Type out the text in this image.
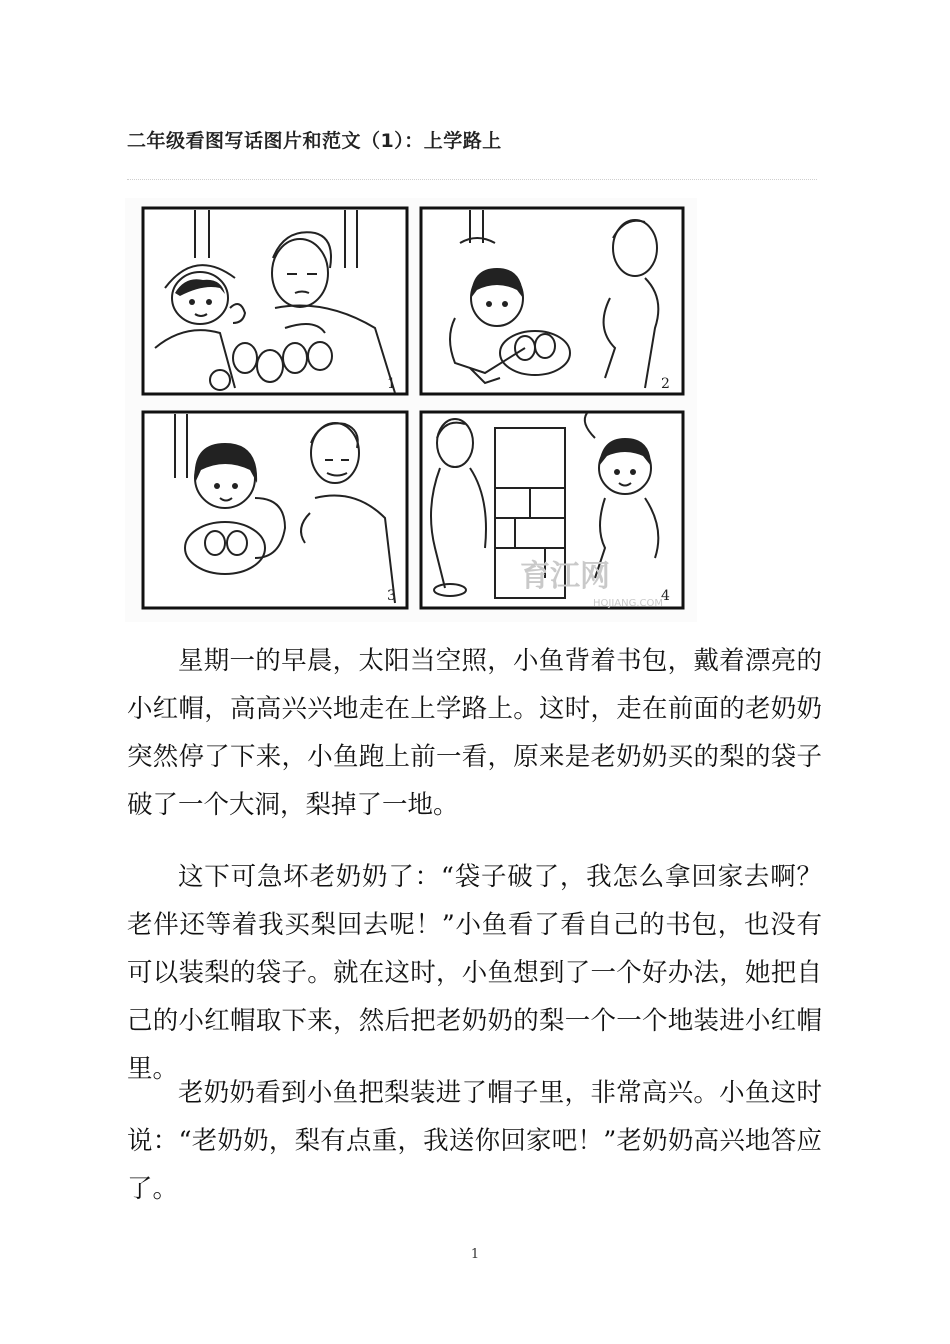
二年级看图写话图片和范文（1）：上学路上
1	2
3
育江网
HOJIANG.COM
4

星期一的早晨，太阳当空照，小鱼背着书包，戴着漂亮的小红帽，高高兴兴地走在上学路上。这时，走在前面的老奶奶突然停了下来，小鱼跑上前一看，原来是老奶奶买的梨的袋子破了一个大洞，梨掉了一地。

这下可急坏老奶奶了：“袋子破了，我怎么拿回家去啊？老伴还等着我买梨回去呢！”小鱼看了看自己的书包，也没有可以装梨的袋子。就在这时，小鱼想到了一个好办法，她把自己的小红帽取下来，然后把老奶奶的梨一个一个地装进小红帽里。

老奶奶看到小鱼把梨装进了帽子里，非常高兴。小鱼这时说：“老奶奶，梨有点重，我送你回家吧！”老奶奶高兴地答应了。

1
